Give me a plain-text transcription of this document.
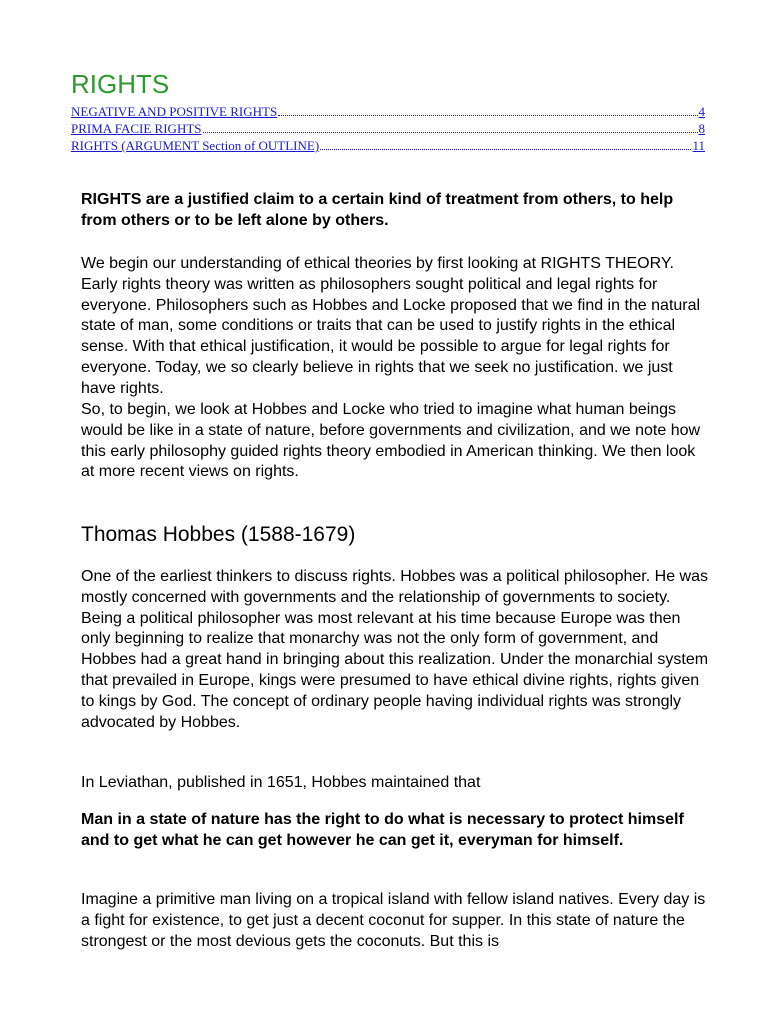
RIGHTS
NEGATIVE AND POSITIVE RIGHTS	4
PRIMA FACIE RIGHTS	8
RIGHTS (ARGUMENT Section of OUTLINE)	11

RIGHTS are a justified claim to a certain kind of treatment from others, to help from others or to be left alone by others.

We begin our understanding of ethical theories by first looking at RIGHTS THEORY. Early rights theory was written as philosophers sought political and legal rights for everyone. Philosophers such as Hobbes and Locke proposed that we find in the natural state of man, some conditions or traits that can be used to justify rights in the ethical sense. With that ethical justification, it would be possible to argue for legal rights for everyone. Today, we so clearly believe in rights that we seek no justification. we just have rights.

So, to begin, we look at Hobbes and Locke who tried to imagine what human beings would be like in a state of nature, before governments and civilization, and we note how this early philosophy guided rights theory embodied in American thinking. We then look at more recent views on rights.

Thomas Hobbes (1588-1679)

One of the earliest thinkers to discuss rights. Hobbes was a political philosopher. He was mostly concerned with governments and the relationship of governments to society. Being a political philosopher was most relevant at his time because Europe was then only beginning to realize that monarchy was not the only form of government, and Hobbes had a great hand in bringing about this realization. Under the monarchial system that prevailed in Europe, kings were presumed to have ethical divine rights, rights given to kings by God. The concept of ordinary people having individual rights was strongly advocated by Hobbes.

In Leviathan, published in 1651, Hobbes maintained that

Man in a state of nature has the right to do what is necessary to protect himself and to get what he can get however he can get it, everyman for himself.

Imagine a primitive man living on a tropical island with fellow island natives. Every day is a fight for existence, to get just a decent coconut for supper. In this state of nature the strongest or the most devious gets the coconuts. But this is
